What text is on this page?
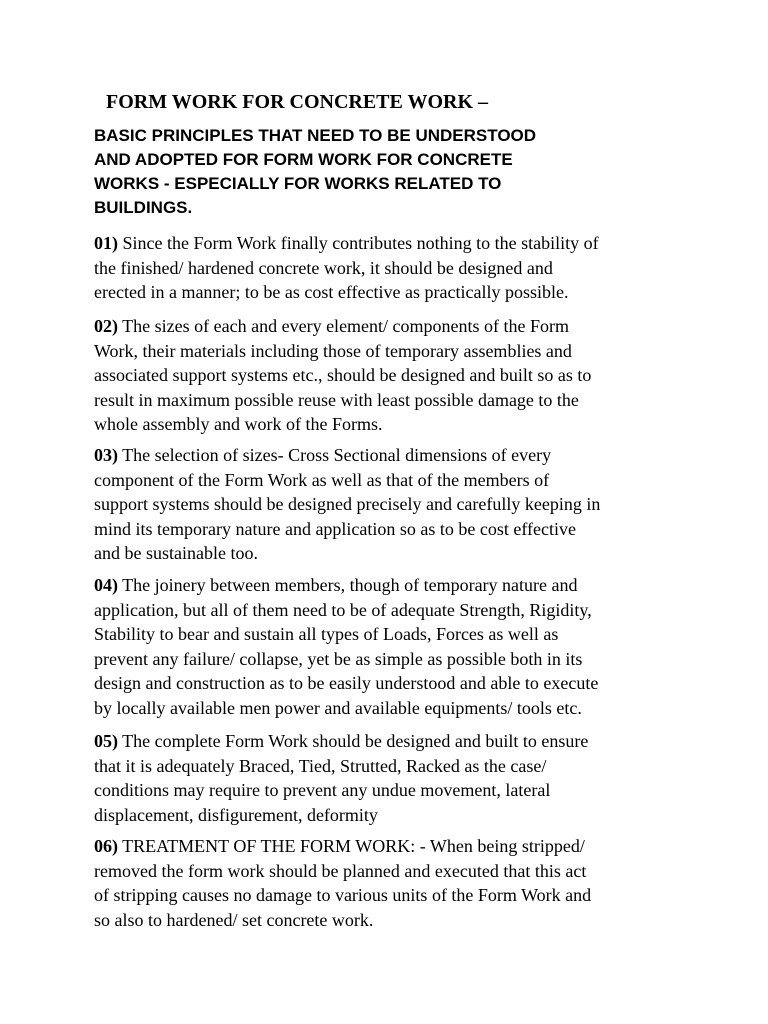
FORM WORK FOR CONCRETE WORK –
BASIC PRINCIPLES THAT NEED TO BE UNDERSTOOD
AND ADOPTED FOR FORM WORK FOR CONCRETE
WORKS - ESPECIALLY FOR WORKS RELATED TO
BUILDINGS.

01) Since the Form Work finally contributes nothing to the stability of
the finished/ hardened concrete work, it should be designed and
erected in a manner; to be as cost effective as practically possible.

02) The sizes of each and every element/ components of the Form
Work, their materials including those of temporary assemblies and
associated support systems etc., should be designed and built so as to
result in maximum possible reuse with least possible damage to the
whole assembly and work of the Forms.

03) The selection of sizes- Cross Sectional dimensions of every
component of the Form Work as well as that of the members of
support systems should be designed precisely and carefully keeping in
mind its temporary nature and application so as to be cost effective
and be sustainable too.

04) The joinery between members, though of temporary nature and
application, but all of them need to be of adequate Strength, Rigidity,
Stability to bear and sustain all types of Loads, Forces as well as
prevent any failure/ collapse, yet be as simple as possible both in its
design and construction as to be easily understood and able to execute
by locally available men power and available equipments/ tools etc.

05) The complete Form Work should be designed and built to ensure
that it is adequately Braced, Tied, Strutted, Racked as the case/
conditions may require to prevent any undue movement, lateral
displacement, disfigurement, deformity

06) TREATMENT OF THE FORM WORK: - When being stripped/
removed the form work should be planned and executed that this act
of stripping causes no damage to various units of the Form Work and
so also to hardened/ set concrete work.
